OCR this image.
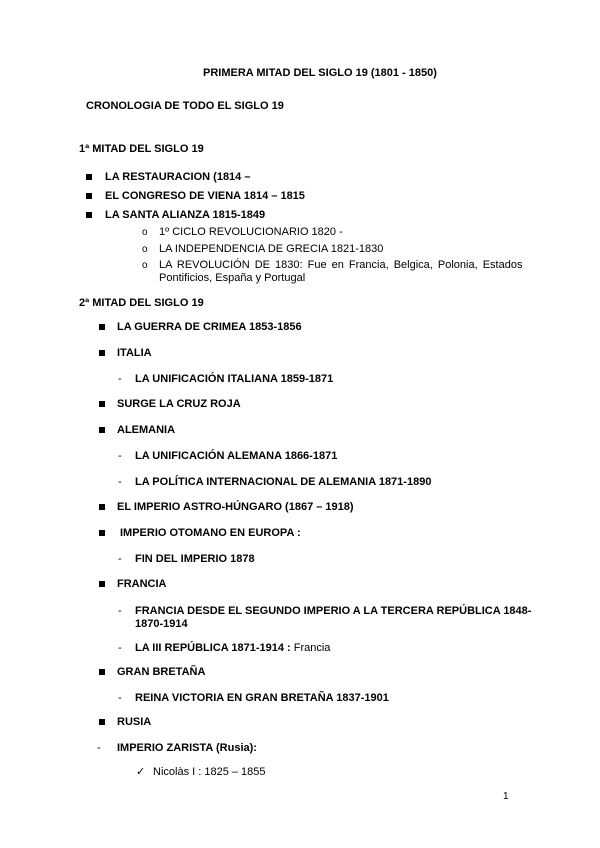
PRIMERA MITAD DEL SIGLO 19 (1801 - 1850)
CRONOLOGIA DE TODO EL SIGLO 19
1ª MITAD DEL SIGLO 19
LA RESTAURACION (1814 –
EL CONGRESO DE VIENA 1814 – 1815
LA SANTA ALIANZA 1815-1849
o 1º CICLO REVOLUCIONARIO 1820 -
o LA INDEPENDENCIA DE GRECIA 1821-1830
o LA REVOLUCIÓN DE 1830: Fue en Francia, Belgica, Polonia, Estados
Pontificios, España y Portugal
2ª MITAD DEL SIGLO 19
LA GUERRA DE CRIMEA 1853-1856
ITALIA
- LA UNIFICACIÓN ITALIANA 1859-1871
SURGE LA CRUZ ROJA
ALEMANIA
- LA UNIFICACIÓN ALEMANA 1866-1871
- LA POLÍTICA INTERNACIONAL DE ALEMANIA 1871-1890
EL IMPERIO ASTRO-HÚNGARO (1867 – 1918)
IMPERIO OTOMANO EN EUROPA :
- FIN DEL IMPERIO 1878
FRANCIA
- FRANCIA DESDE EL SEGUNDO IMPERIO A LA TERCERA REPÚBLICA 1848-
1870-1914
- LA III REPÚBLICA 1871-1914 : Francia
GRAN BRETAÑA
- REINA VICTORIA EN GRAN BRETAÑA 1837-1901
RUSIA
- IMPERIO ZARISTA (Rusia):
✓ Nicolàs I : 1825 – 1855
1
